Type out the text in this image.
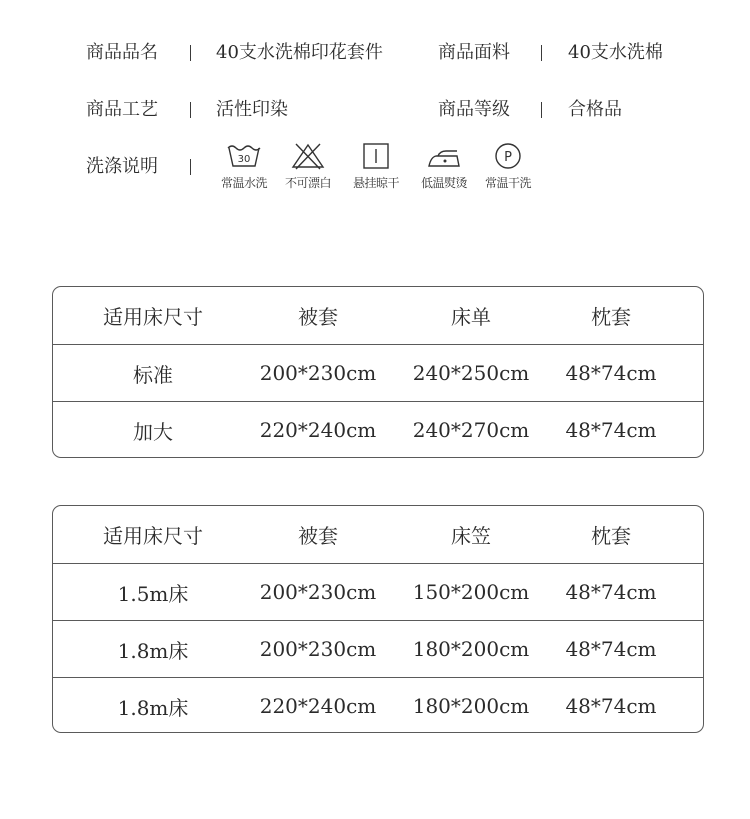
商品品名	40支水洗棉印花套件	商品面料	40支水洗棉
商品工艺	活性印染	商品等级	合格品
洗涤说明	30
常温水洗	不可漂白	悬挂晾干	低温熨烫
P
常温干洗
适用床尺寸	被套	床单	枕套
标准	200*230cm	240*250cm	48*74cm
加大	220*240cm	240*270cm	48*74cm
适用床尺寸	被套	床笠	枕套
1.5m床	200*230cm	150*200cm	48*74cm
1.8m床	200*230cm	180*200cm	48*74cm
1.8m床	220*240cm	180*200cm	48*74cm
